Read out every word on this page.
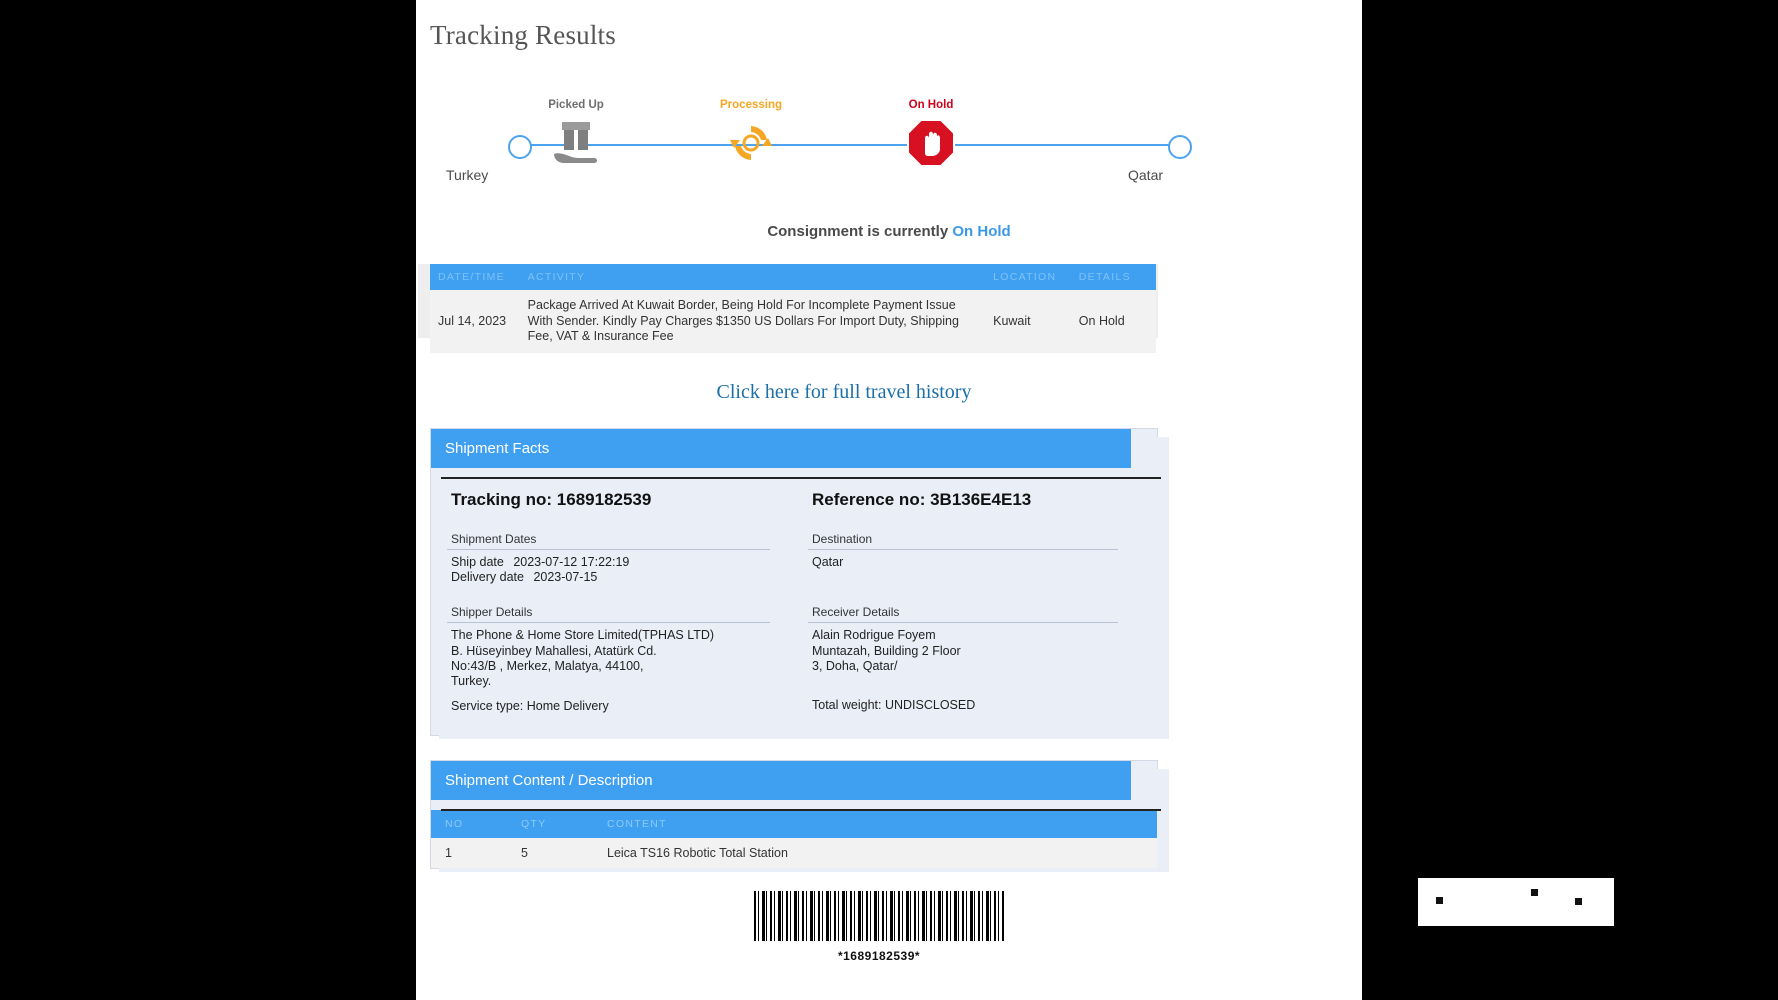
Tracking Results
Picked Up	Processing	On Hold
Turkey	Qatar
Consignment is currently On Hold
DATE/TIME	ACTIVITY	LOCATION	DETAILS
Jul 14, 2023	Package Arrived At Kuwait Border, Being Hold For Incomplete Payment Issue With Sender. Kindly Pay Charges $1350 US Dollars For Import Duty, Shipping Fee, VAT & Insurance Fee	Kuwait	On Hold
Click here for full travel history
Shipment Facts
Tracking no: 1689182539	Reference no: 3B136E4E13
Shipment Dates
Ship date 2023-07-12 17:22:19
Delivery date 2023-07-15
Destination
Qatar
Shipper Details
The Phone & Home Store Limited(TPHAS LTD)
B. Hüseyinbey Mahallesi, Atatürk Cd.
No:43/B , Merkez, Malatya, 44100,
Turkey.
Service type: Home Delivery
Receiver Details
Alain Rodrigue Foyem
Muntazah, Building 2 Floor
3, Doha, Qatar/
Total weight: UNDISCLOSED
Shipment Content / Description
NO	QTY	CONTENT
1	5	Leica TS16 Robotic Total Station
*1689182539*
